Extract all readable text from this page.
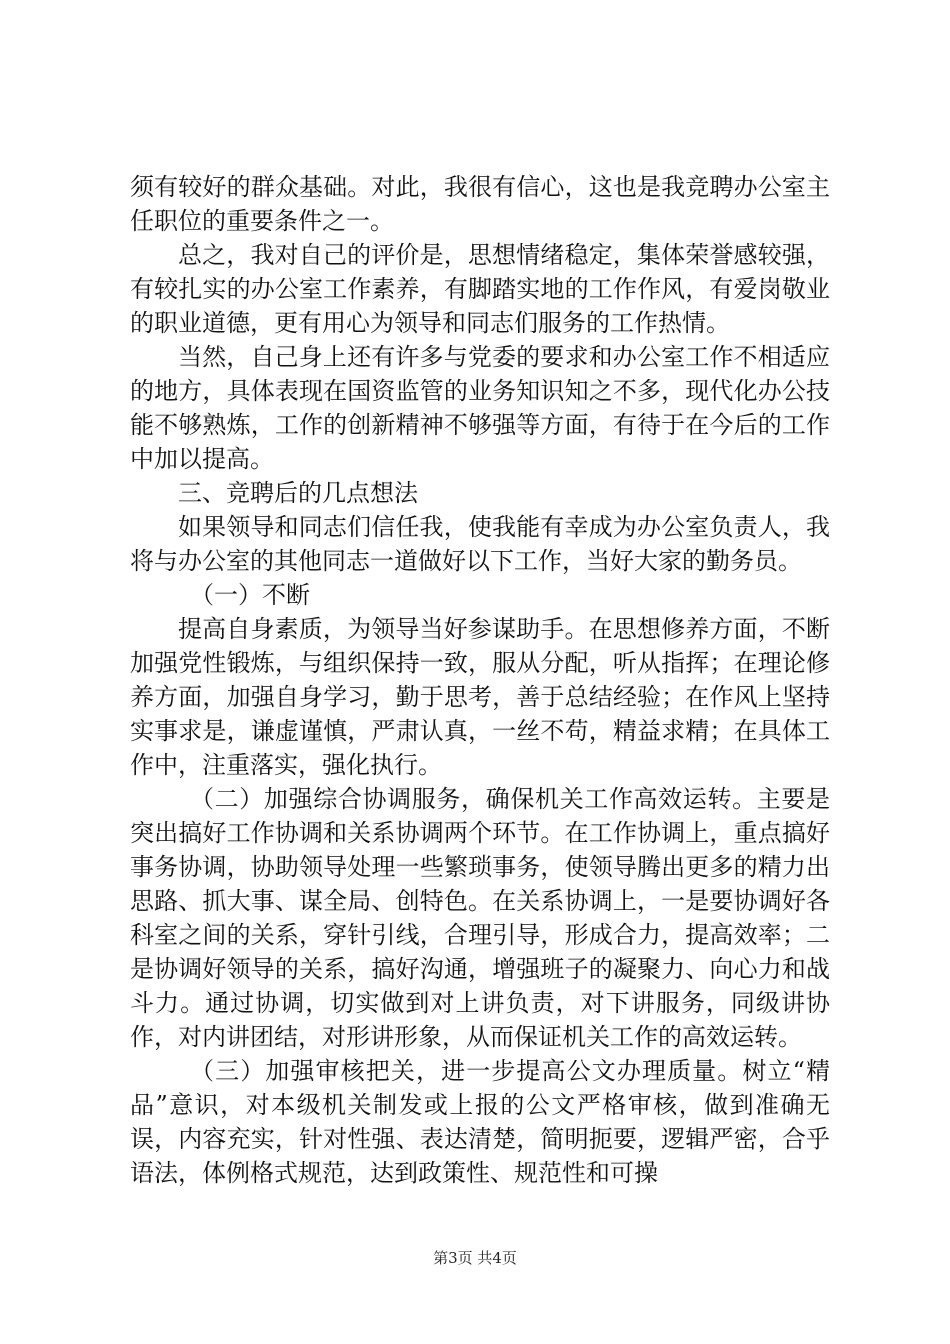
须有较好的群众基础。对此，我很有信心，这也是我竞聘办公室主任职位的重要条件之一。

总之，我对自己的评价是，思想情绪稳定，集体荣誉感较强，有较扎实的办公室工作素养，有脚踏实地的工作作风，有爱岗敬业的职业道德，更有用心为领导和同志们服务的工作热情。

当然，自己身上还有许多与党委的要求和办公室工作不相适应的地方，具体表现在国资监管的业务知识知之不多，现代化办公技能不够熟炼，工作的创新精神不够强等方面，有待于在今后的工作中加以提高。

三、竞聘后的几点想法

如果领导和同志们信任我，使我能有幸成为办公室负责人，我将与办公室的其他同志一道做好以下工作，当好大家的勤务员。

（一）不断

提高自身素质，为领导当好参谋助手。在思想修养方面，不断加强党性锻炼，与组织保持一致，服从分配，听从指挥；在理论修养方面，加强自身学习，勤于思考，善于总结经验；在作风上坚持实事求是，谦虚谨慎，严肃认真，一丝不苟，精益求精；在具体工作中，注重落实，强化执行。

（二）加强综合协调服务，确保机关工作高效运转。主要是突出搞好工作协调和关系协调两个环节。在工作协调上，重点搞好事务协调，协助领导处理一些繁琐事务，使领导腾出更多的精力出思路、抓大事、谋全局、创特色。在关系协调上，一是要协调好各科室之间的关系，穿针引线，合理引导，形成合力，提高效率；二是协调好领导的关系，搞好沟通，增强班子的凝聚力、向心力和战斗力。通过协调，切实做到对上讲负责，对下讲服务，同级讲协作，对内讲团结，对形讲形象，从而保证机关工作的高效运转。

（三）加强审核把关，进一步提高公文办理质量。树立“精品”意识，对本级机关制发或上报的公文严格审核，做到准确无误，内容充实，针对性强、表达清楚，简明扼要，逻辑严密，合乎语法，体例格式规范，达到政策性、规范性和可操

第3页 共4页
